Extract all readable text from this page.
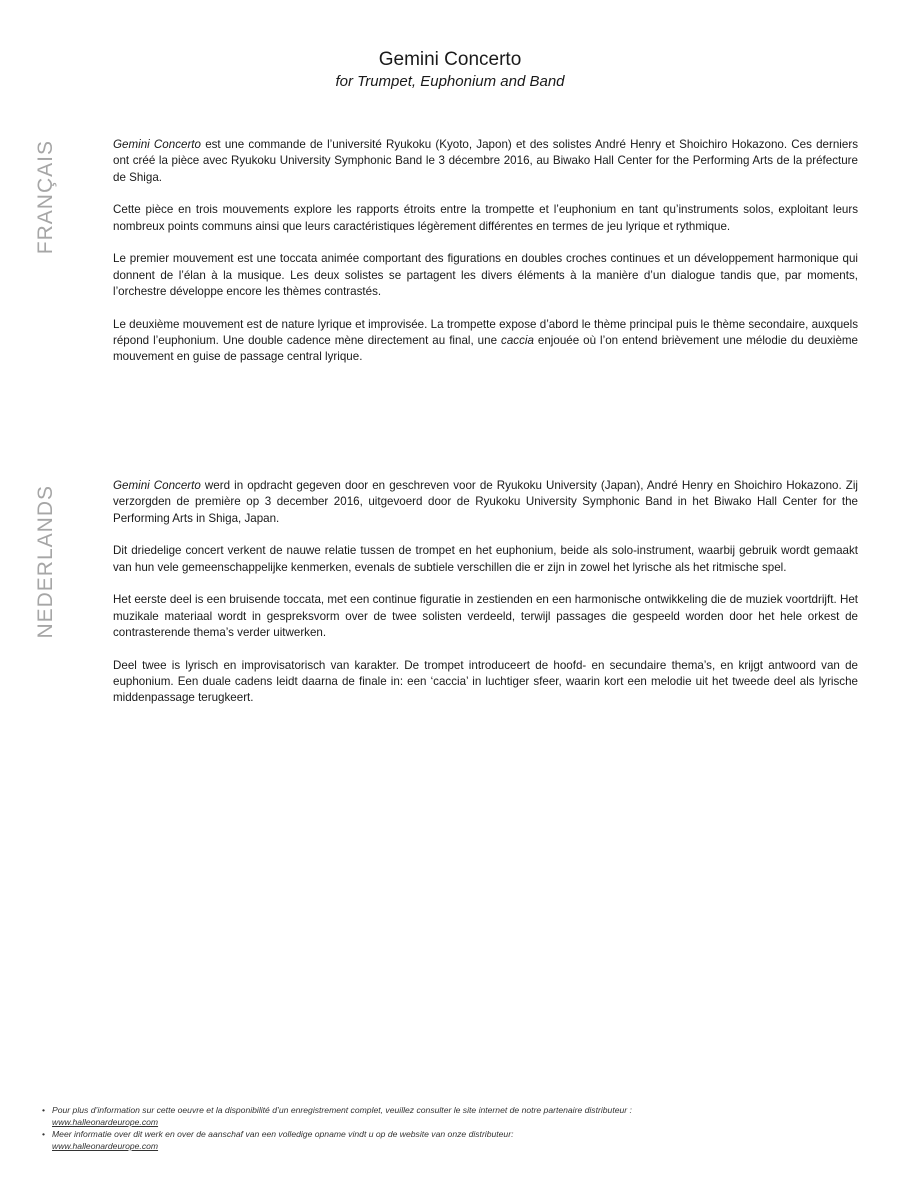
Gemini Concerto
for Trumpet, Euphonium and Band
FRANÇAIS	Gemini Concerto est une commande de l’université Ryukoku (Kyoto, Japon) et des solistes André Henry et Shoichiro Hokazono. Ces derniers ont créé la pièce avec Ryukoku University Symphonic Band le 3 décembre 2016, au Biwako Hall Center for the Performing Arts de la préfecture de Shiga.

Cette pièce en trois mouvements explore les rapports étroits entre la trompette et l’euphonium en tant qu’instruments solos, exploitant leurs nombreux points communs ainsi que leurs caractéristiques légèrement différentes en termes de jeu lyrique et rythmique.

Le premier mouvement est une toccata animée comportant des figurations en doubles croches continues et un développement harmonique qui donnent de l’élan à la musique. Les deux solistes se partagent les divers éléments à la manière d’un dialogue tandis que, par moments, l’orchestre développe encore les thèmes contrastés.

Le deuxième mouvement est de nature lyrique et improvisée. La trompette expose d’abord le thème principal puis le thème secondaire, auxquels répond l’euphonium. Une double cadence mène directement au final, une caccia enjouée où l’on entend brièvement une mélodie du deuxième mouvement en guise de passage central lyrique.

NEDERLANDS	Gemini Concerto werd in opdracht gegeven door en geschreven voor de Ryukoku University (Japan), André Henry en Shoichiro Hokazono. Zij verzorgden de première op 3 december 2016, uitgevoerd door de Ryukoku University Symphonic Band in het Biwako Hall Center for the Performing Arts in Shiga, Japan.

Dit driedelige concert verkent de nauwe relatie tussen de trompet en het euphonium, beide als solo-instrument, waarbij gebruik wordt gemaakt van hun vele gemeenschappelijke kenmerken, evenals de subtiele verschillen die er zijn in zowel het lyrische als het ritmische spel.

Het eerste deel is een bruisende toccata, met een continue figuratie in zestienden en een harmonische ontwikkeling die de muziek voortdrijft. Het muzikale materiaal wordt in gespreksvorm over de twee solisten verdeeld, terwijl passages die gespeeld worden door het hele orkest de contrasterende thema’s verder uitwerken.

Deel twee is lyrisch en improvisatorisch van karakter. De trompet introduceert de hoofd- en secundaire thema’s, en krijgt antwoord van de euphonium. Een duale cadens leidt daarna de finale in: een ‘caccia’ in luchtiger sfeer, waarin kort een melodie uit het tweede deel als lyrische middenpassage terugkeert.

• Pour plus d’information sur cette oeuvre et la disponibilité d’un enregistrement complet, veuillez consulter le site internet de notre partenaire distributeur :
www.halleonardeurope.com
• Meer informatie over dit werk en over de aanschaf van een volledige opname vindt u op de website van onze distributeur:
www.halleonardeurope.com
